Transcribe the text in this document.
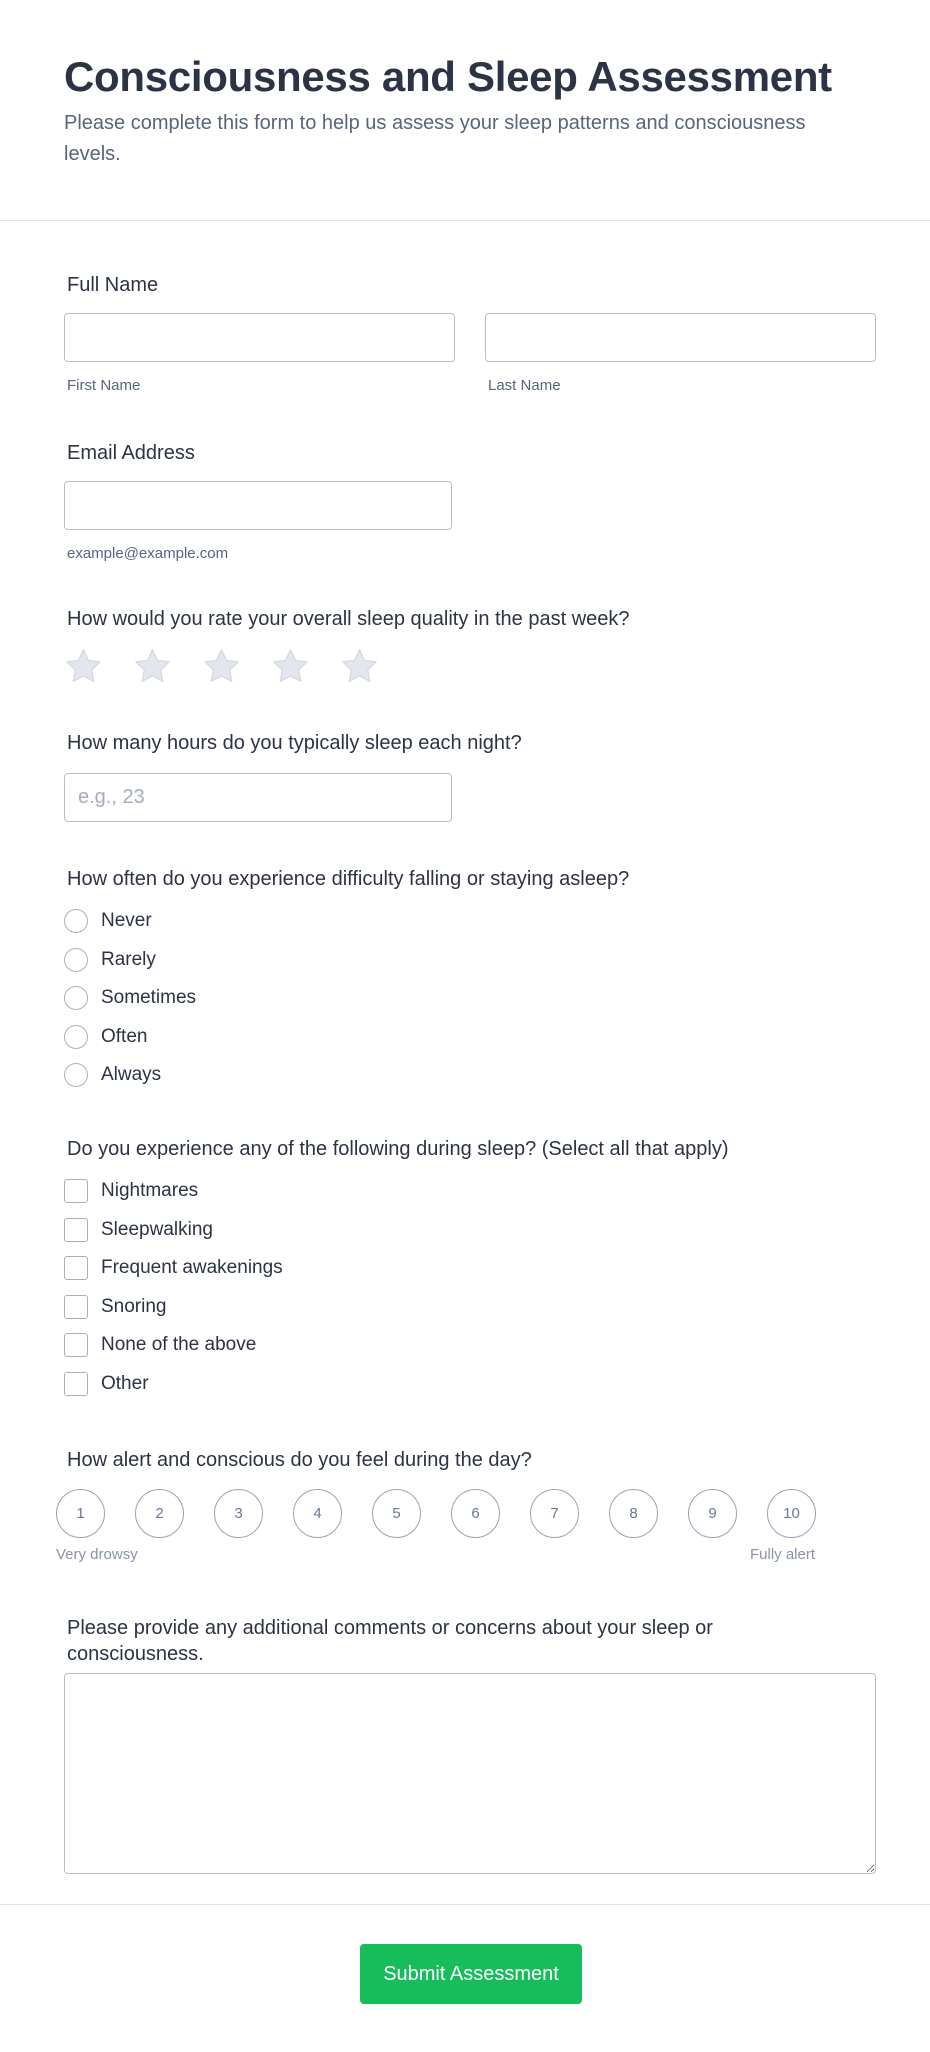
Consciousness and Sleep Assessment

Please complete this form to help us assess your sleep patterns and consciousness levels.

Full Name
First Name	Last Name
Email Address
example@example.com
How would you rate your overall sleep quality in the past week?
How many hours do you typically sleep each night?
e.g., 23
How often do you experience difficulty falling or staying asleep?
Never
Rarely
Sometimes
Often
Always
Do you experience any of the following during sleep? (Select all that apply)
Nightmares
Sleepwalking
Frequent awakenings
Snoring
None of the above
Other
How alert and conscious do you feel during the day?
1	2	3	4	5	6	7	8	9	10
Very drowsy	Fully alert
Please provide any additional comments or concerns about your sleep or consciousness.
Submit Assessment
